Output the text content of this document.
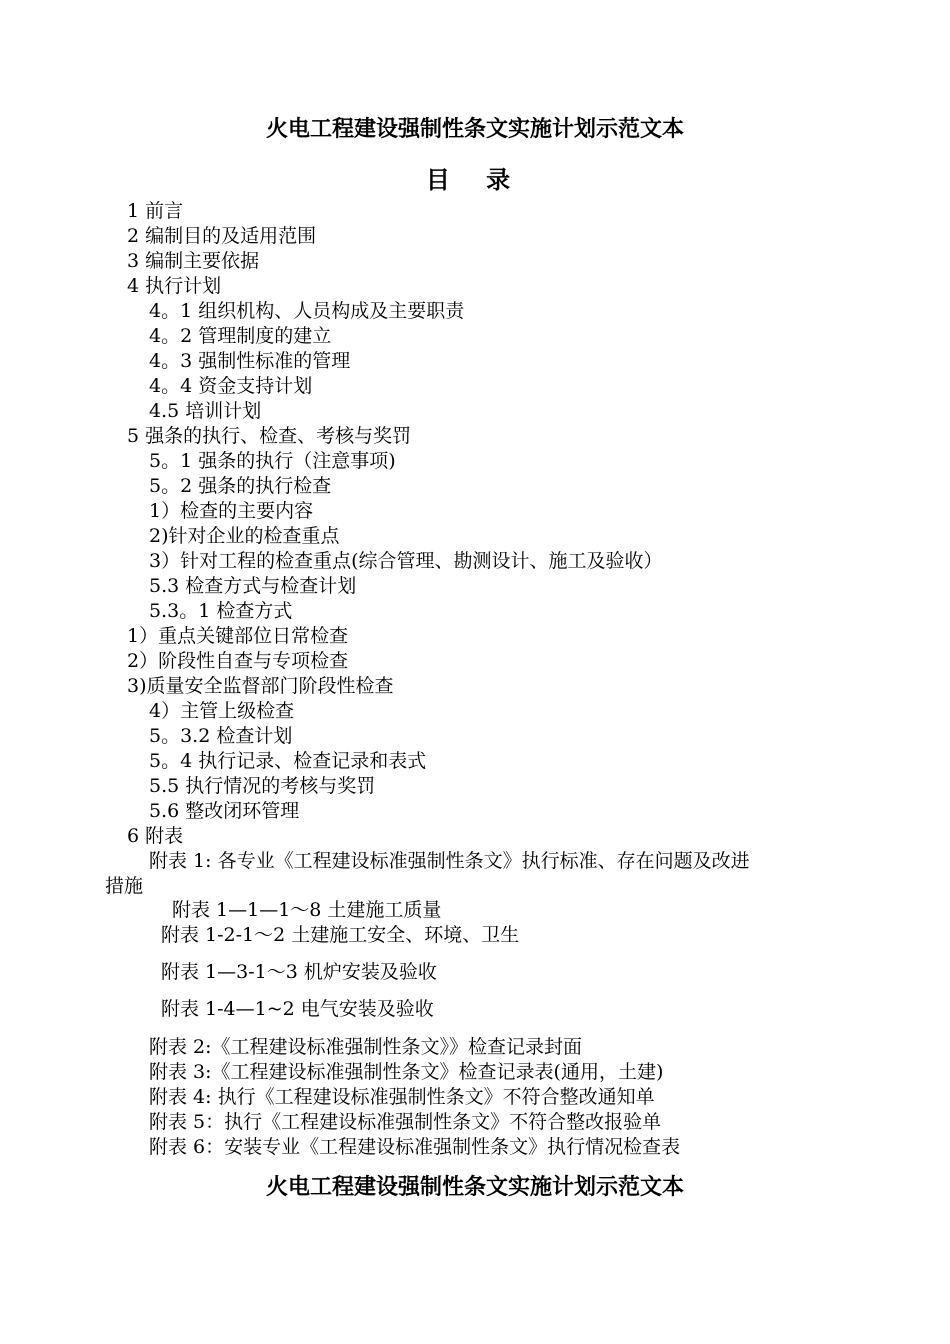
火电工程建设强制性条文实施计划示范文本
目 录
1 前言
2 编制目的及适用范围
3 编制主要依据
4 执行计划
4。1 组织机构、人员构成及主要职责
4。2 管理制度的建立
4。3 强制性标准的管理
4。4 资金支持计划
4.5 培训计划
5 强条的执行、检查、考核与奖罚
5。1 强条的执行（注意事项)
5。2 强条的执行检查
1）检查的主要内容
2)针对企业的检查重点
3）针对工程的检查重点(综合管理、勘测设计、施工及验收）
5.3 检查方式与检查计划
5.3。1 检查方式
1）重点关键部位日常检查
2）阶段性自查与专项检查
3)质量安全监督部门阶段性检查
4）主管上级检查
5。3.2 检查计划
5。4 执行记录、检查记录和表式
5.5 执行情况的考核与奖罚
5.6 整改闭环管理
6 附表
附表 1: 各专业《工程建设标准强制性条文》执行标准、存在问题及改进
措施
附表 1—1—1～8 土建施工质量
附表 1-2-1～2 土建施工安全、环境、卫生
附表 1—3-1～3 机炉安装及验收
附表 1-4—1~2 电气安装及验收
附表 2:《工程建设标准强制性条文》》检查记录封面
附表 3:《工程建设标准强制性条文》检查记录表(通用，土建)
附表 4: 执行《工程建设标准强制性条文》不符合整改通知单
附表 5：执行《工程建设标准强制性条文》不符合整改报验单
附表 6：安装专业《工程建设标准强制性条文》执行情况检查表
火电工程建设强制性条文实施计划示范文本
